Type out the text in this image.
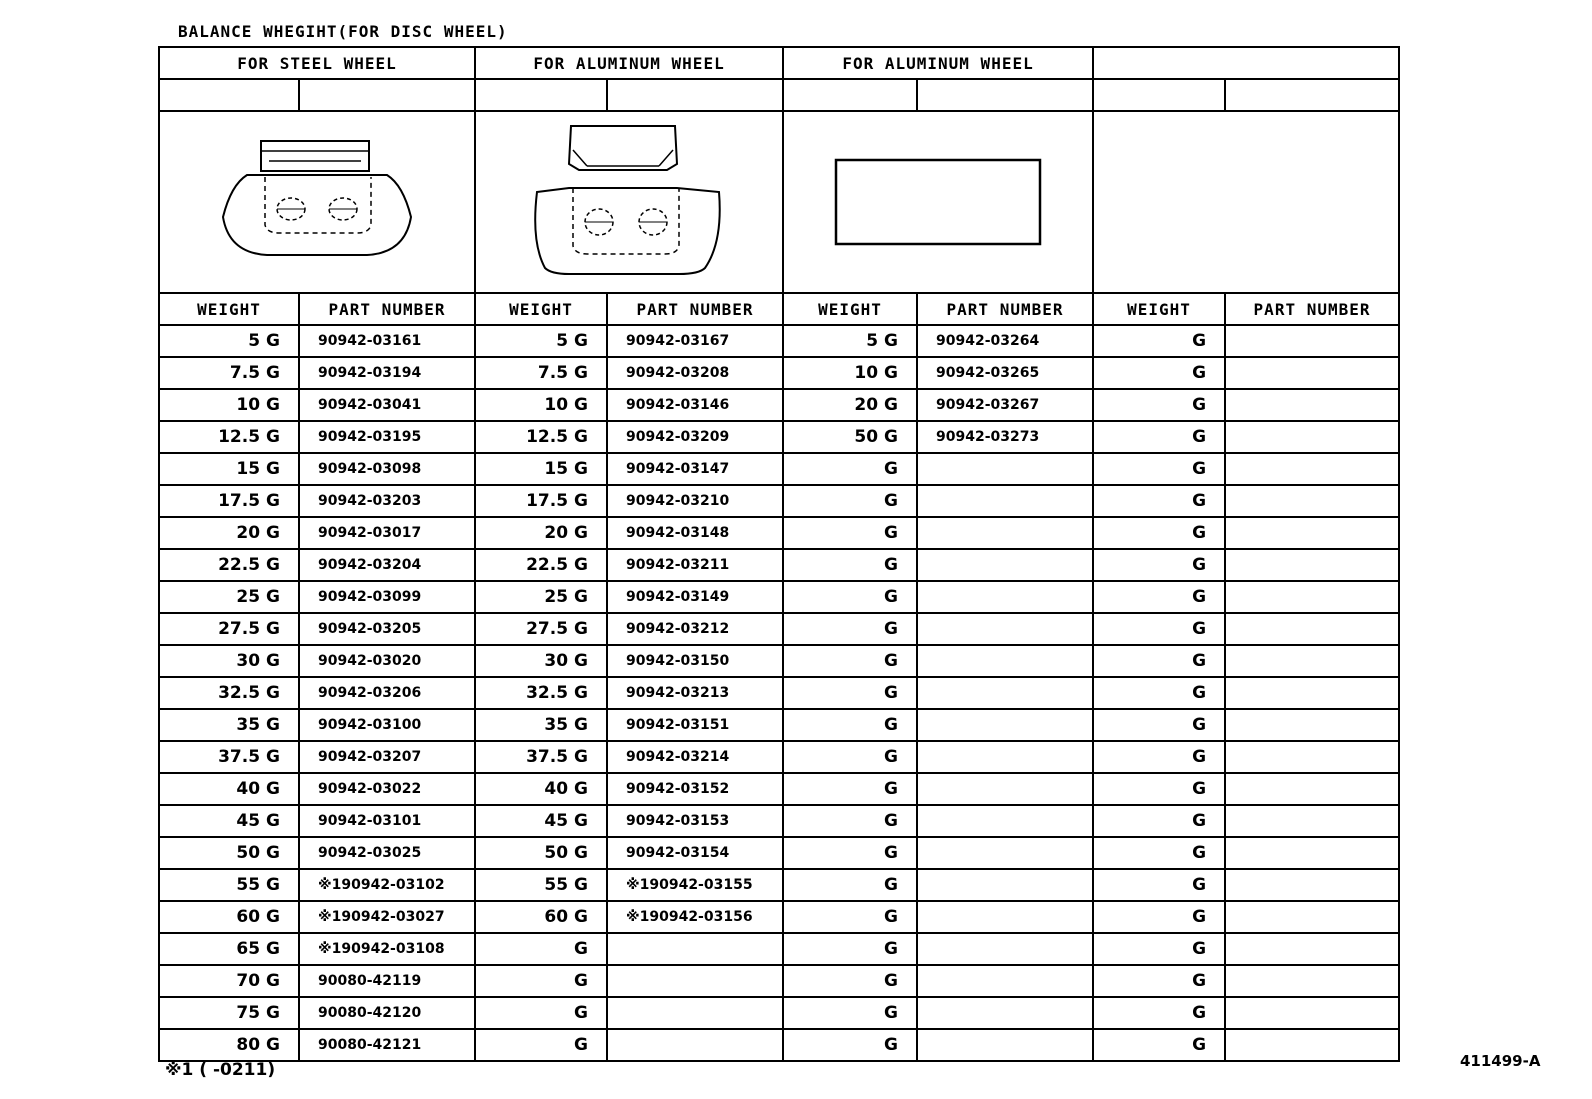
BALANCE WHEGIHT(FOR DISC WHEEL)
FOR STEEL WHEEL		FOR ALUMINUM WHEEL		FOR ALUMINUM WHEEL			

WEIGHT	PART NUMBER	WEIGHT	PART NUMBER	WEIGHT	PART NUMBER	WEIGHT	PART NUMBER
5 G	90942-03161	5 G	90942-03167	5 G	90942-03264	G	
7.5 G	90942-03194	7.5 G	90942-03208	10 G	90942-03265	G	
10 G	90942-03041	10 G	90942-03146	20 G	90942-03267	G	
12.5 G	90942-03195	12.5 G	90942-03209	50 G	90942-03273	G	
15 G	90942-03098	15 G	90942-03147	G		G	
17.5 G	90942-03203	17.5 G	90942-03210	G		G	
20 G	90942-03017	20 G	90942-03148	G		G	
22.5 G	90942-03204	22.5 G	90942-03211	G		G	
25 G	90942-03099	25 G	90942-03149	G		G	
27.5 G	90942-03205	27.5 G	90942-03212	G		G	
30 G	90942-03020	30 G	90942-03150	G		G	
32.5 G	90942-03206	32.5 G	90942-03213	G		G	
35 G	90942-03100	35 G	90942-03151	G		G	
37.5 G	90942-03207	37.5 G	90942-03214	G		G	
40 G	90942-03022	40 G	90942-03152	G		G	
45 G	90942-03101	45 G	90942-03153	G		G	
50 G	90942-03025	50 G	90942-03154	G		G	
55 G	※190942-03102	55 G	※190942-03155	G		G	
60 G	※190942-03027	60 G	※190942-03156	G		G	
65 G	※190942-03108	G		G		G	
70 G	90080-42119	G		G		G	
75 G	90080-42120	G		G		G	
80 G	90080-42121	G		G		G	
※1 ( -0211)	411499-A
